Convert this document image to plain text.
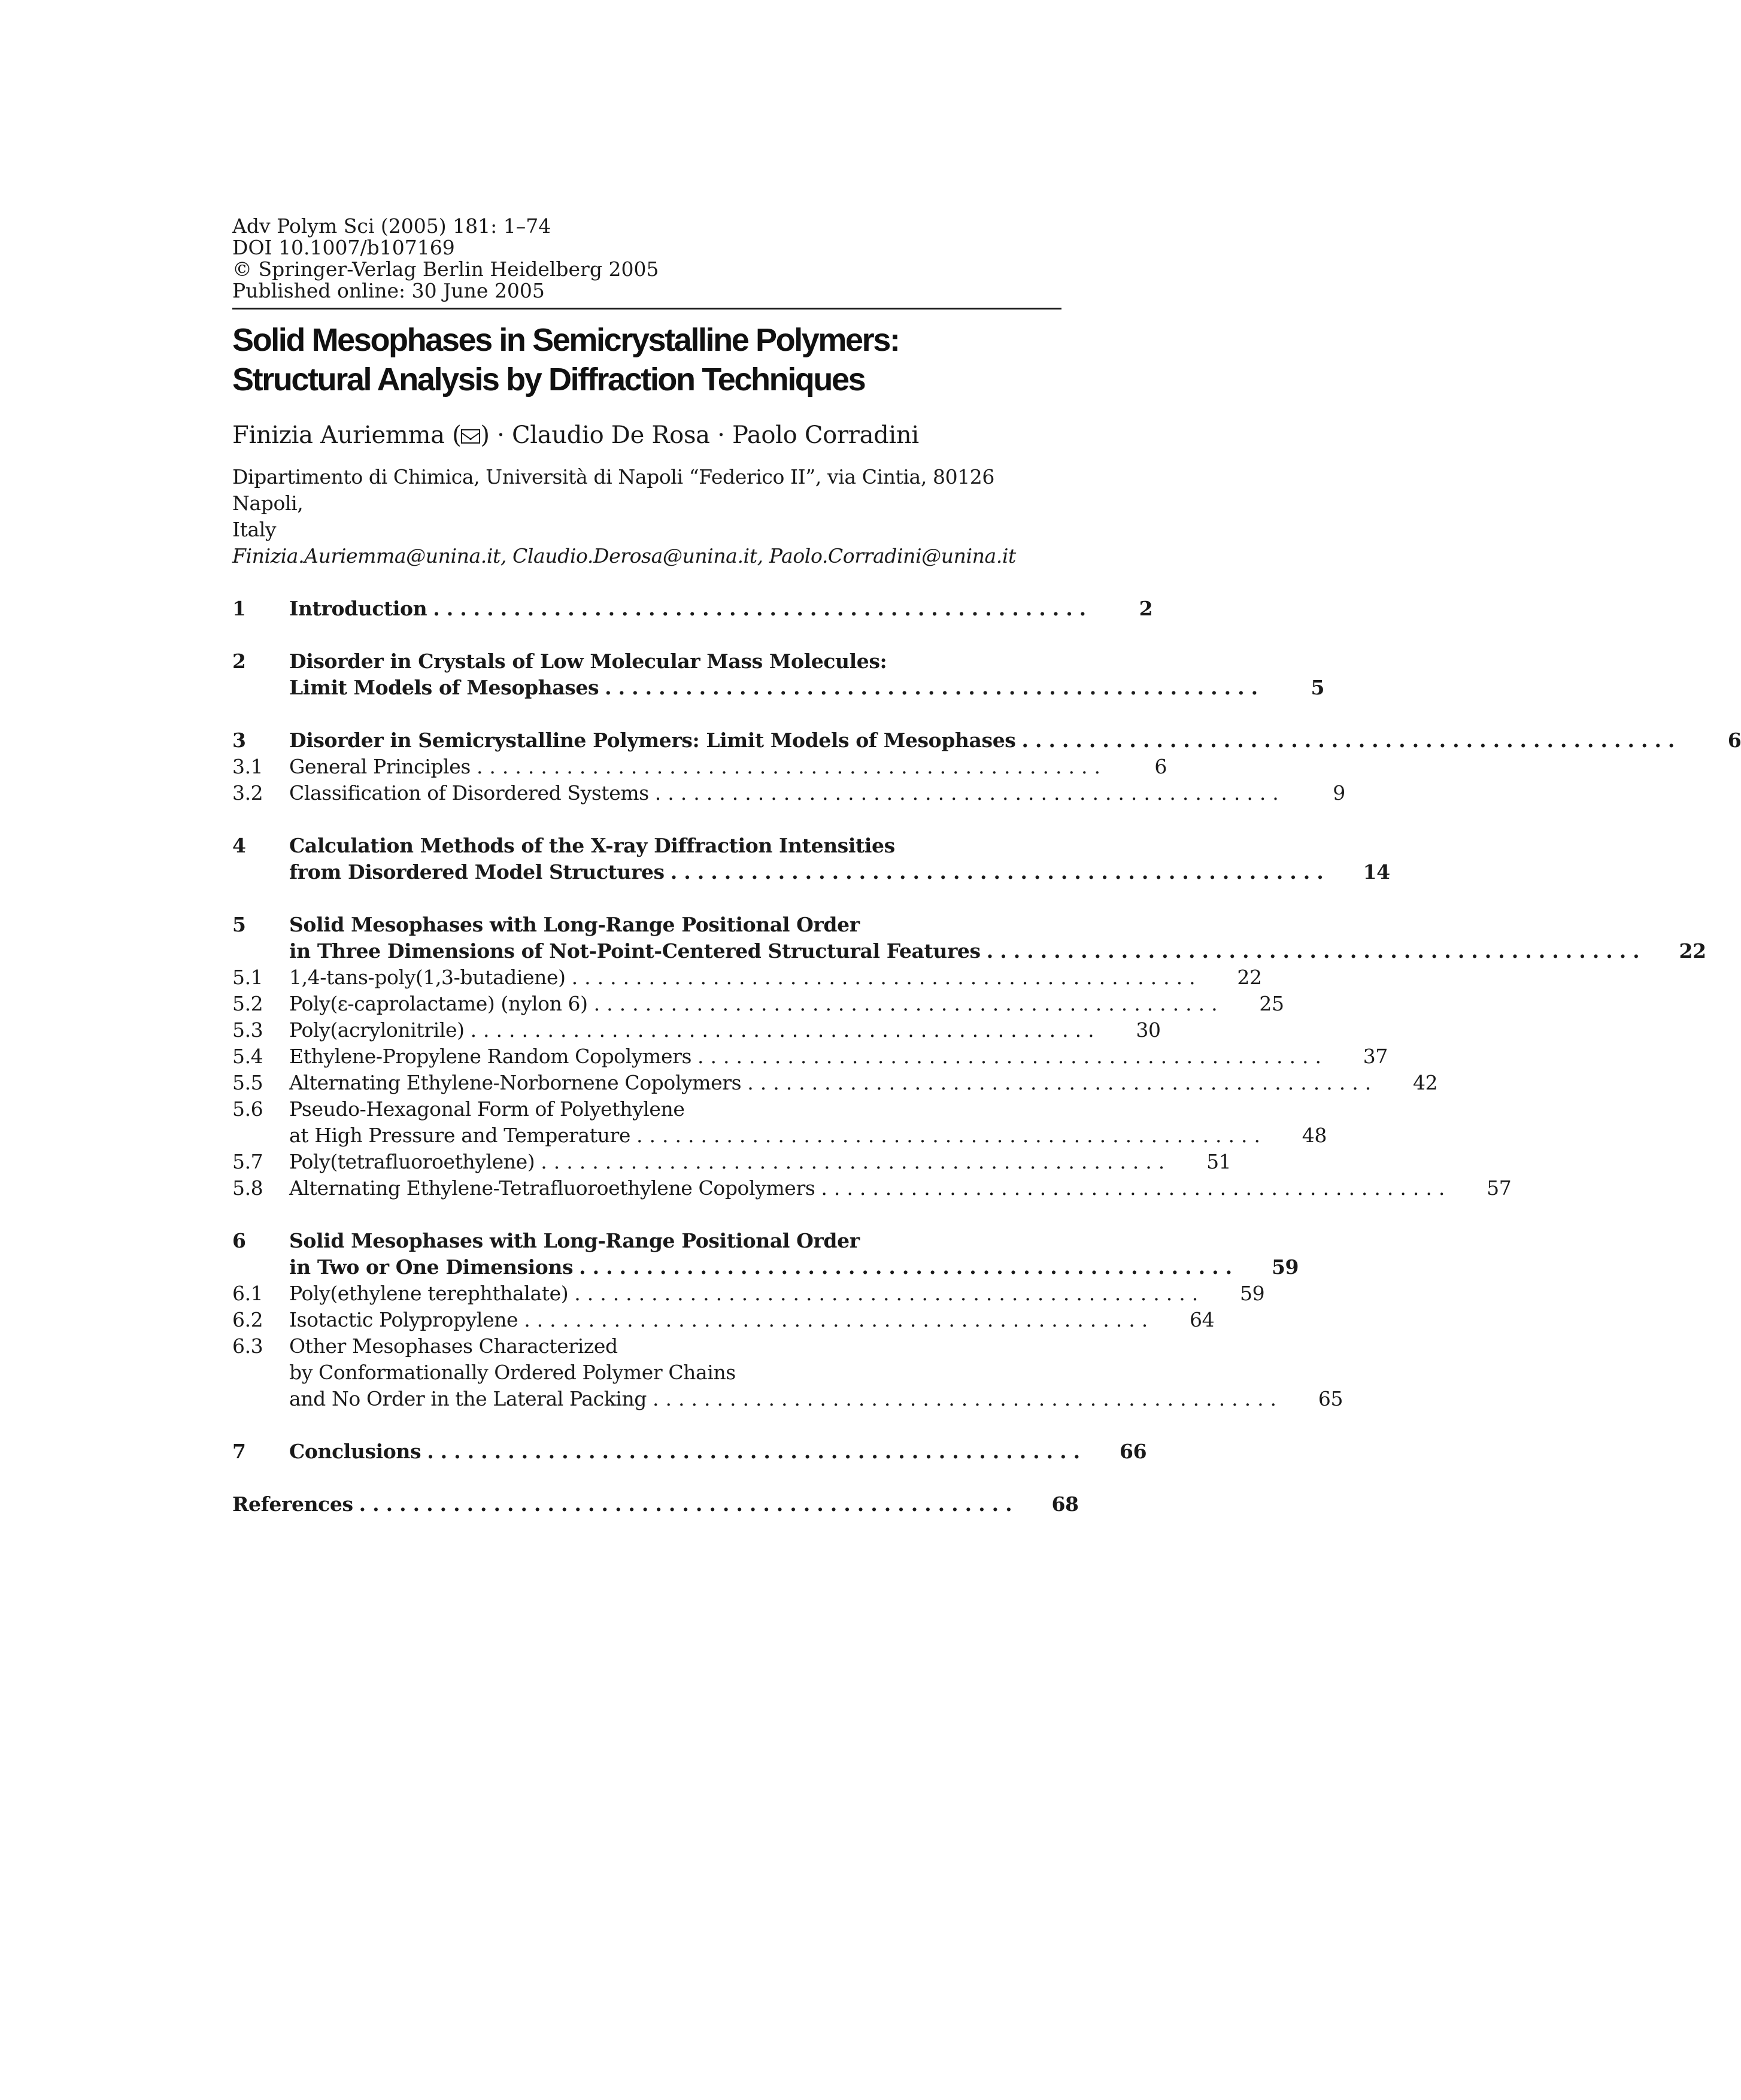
Adv Polym Sci (2005) 181: 1–74
DOI 10.1007/b107169
© Springer-Verlag Berlin Heidelberg 2005
Published online: 30 June 2005
Solid Mesophases in Semicrystalline Polymers:
Structural Analysis by Diffraction Techniques
Finizia Auriemma ( ) · Claudio De Rosa · Paolo Corradini
Dipartimento di Chimica, Università di Napoli “Federico II”, via Cintia, 80126 Napoli,
Italy
Finizia.Auriemma@unina.it, Claudio.Derosa@unina.it, Paolo.Corradini@unina.it
1	Introduction .................................................	2
2	Disorder in Crystals of Low Molecular Mass Molecules:
Limit Models of Mesophases .................................................	5
3	Disorder in Semicrystalline Polymers: Limit Models of Mesophases .................................................	6
3.1	General Principles .................................................	6
3.2	Classification of Disordered Systems .................................................	9
4	Calculation Methods of the X-ray Diffraction Intensities
from Disordered Model Structures .................................................	14
5	Solid Mesophases with Long-Range Positional Order
in Three Dimensions of Not-Point-Centered Structural Features .................................................	22
5.1	1,4-tans-poly(1,3-butadiene) .................................................	22
5.2	Poly(ε-caprolactame) (nylon 6) .................................................	25
5.3	Poly(acrylonitrile) .................................................	30
5.4	Ethylene-Propylene Random Copolymers .................................................	37
5.5	Alternating Ethylene-Norbornene Copolymers .................................................	42
5.6	Pseudo-Hexagonal Form of Polyethylene
at High Pressure and Temperature .................................................	48
5.7	Poly(tetrafluoroethylene) .................................................	51
5.8	Alternating Ethylene-Tetrafluoroethylene Copolymers .................................................	57
6	Solid Mesophases with Long-Range Positional Order
in Two or One Dimensions .................................................	59
6.1	Poly(ethylene terephthalate) .................................................	59
6.2	Isotactic Polypropylene .................................................	64
6.3	Other Mesophases Characterized
by Conformationally Ordered Polymer Chains
and No Order in the Lateral Packing .................................................	65
7	Conclusions .................................................	66
References .................................................	68
